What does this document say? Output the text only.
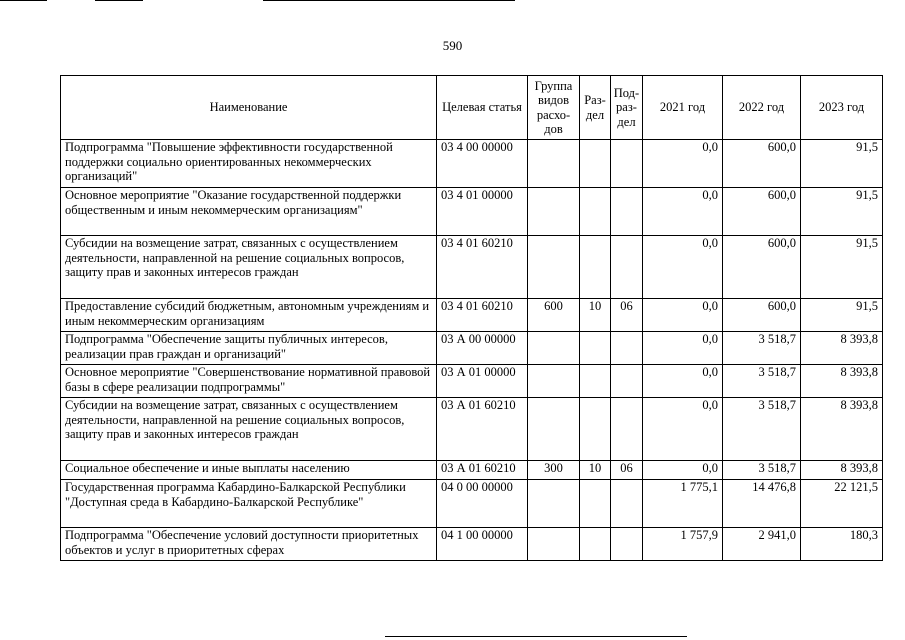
590
Наименование	Целевая статья	Группа видов расхо-дов	Раз-дел	Под-раз-дел	2021 год	2022 год	2023 год
Подпрограмма "Повышение эффективности государственной поддержки социально ориентированных некоммерческих организаций"	03 4 00 00000				0,0	600,0	91,5
Основное мероприятие "Оказание государственной поддержки общественным и иным некоммерческим организациям"	03 4 01 00000				0,0	600,0	91,5
Субсидии на возмещение затрат, связанных с осуществлением деятельности, направленной на решение социальных вопросов, защиту прав и законных интересов граждан	03 4 01 60210				0,0	600,0	91,5
Предоставление субсидий бюджетным, автономным учреждениям и иным некоммерческим организациям	03 4 01 60210	600	10	06	0,0	600,0	91,5
Подпрограмма "Обеспечение защиты публичных интересов, реализации прав граждан и организаций"	03 А 00 00000				0,0	3 518,7	8 393,8
Основное мероприятие "Совершенствование нормативной правовой базы в сфере реализации подпрограммы"	03 А 01 00000				0,0	3 518,7	8 393,8
Субсидии на возмещение затрат, связанных с осуществлением деятельности, направленной на решение социальных вопросов, защиту прав и законных интересов граждан	03 А 01 60210				0,0	3 518,7	8 393,8
Социальное обеспечение и иные выплаты населению	03 А 01 60210	300	10	06	0,0	3 518,7	8 393,8
Государственная программа Кабардино-Балкарской Республики "Доступная среда в Кабардино-Балкарской Республике"	04 0 00 00000				1 775,1	14 476,8	22 121,5
Подпрограмма "Обеспечение условий доступности приоритетных объектов и услуг в приоритетных сферах	04 1 00 00000				1 757,9	2 941,0	180,3
